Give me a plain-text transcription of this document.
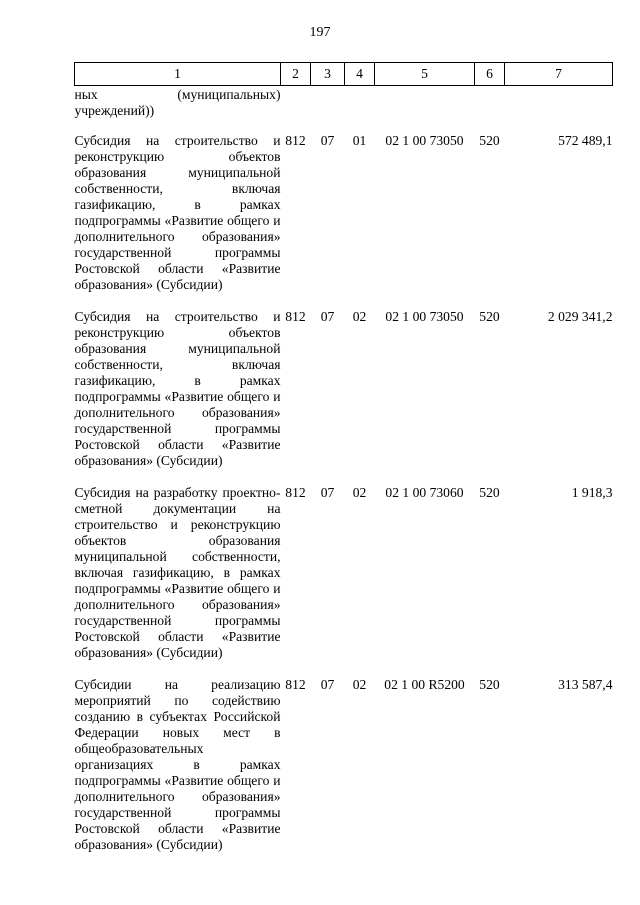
197
1	2	3	4	5	6	7
ных (муниципальных) учреждений))						
Субсидия на строительство и реконструкцию объектов образования муниципальной собственности, включая газификацию, в рамках подпрограммы «Развитие общего и дополнительного образования» государственной программы Ростовской области «Развитие образования» (Субсидии)	812	07	01	02 1 00 73050	520	572 489,1
Субсидия на строительство и реконструкцию объектов образования муниципальной собственности, включая газификацию, в рамках подпрограммы «Развитие общего и дополнительного образования» государственной программы Ростовской области «Развитие образования» (Субсидии)	812	07	02	02 1 00 73050	520	2 029 341,2
Субсидия на разработку проектно-сметной документации на строительство и реконструкцию объектов образования муниципальной собственности, включая газификацию, в рамках подпрограммы «Развитие общего и дополнительного образования» государственной программы Ростовской области «Развитие образования» (Субсидии)	812	07	02	02 1 00 73060	520	1 918,3
Субсидии на реализацию мероприятий по содействию созданию в субъектах Российской Федерации новых мест в общеобразовательных организациях в рамках подпрограммы «Развитие общего и дополнительного образования» государственной программы Ростовской области «Развитие образования» (Субсидии)	812	07	02	02 1 00 R5200	520	313 587,4
